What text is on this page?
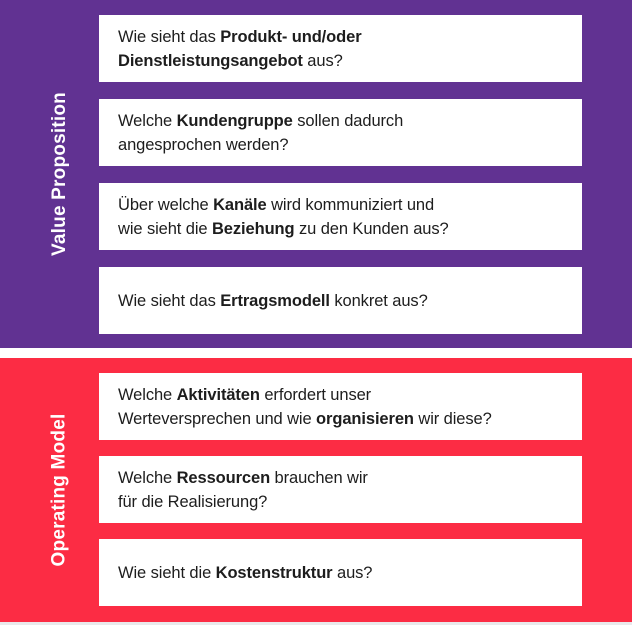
Value Proposition
Wie sieht das Produkt- und/oder
Dienstleistungsangebot aus?
Welche Kundengruppe sollen dadurch
angesprochen werden?
Über welche Kanäle wird kommuniziert und
wie sieht die Beziehung zu den Kunden aus?
Wie sieht das Ertragsmodell konkret aus?
Operating Model
Welche Aktivitäten erfordert unser
Werteversprechen und wie organisieren wir diese?
Welche Ressourcen brauchen wir
für die Realisierung?
Wie sieht die Kostenstruktur aus?
